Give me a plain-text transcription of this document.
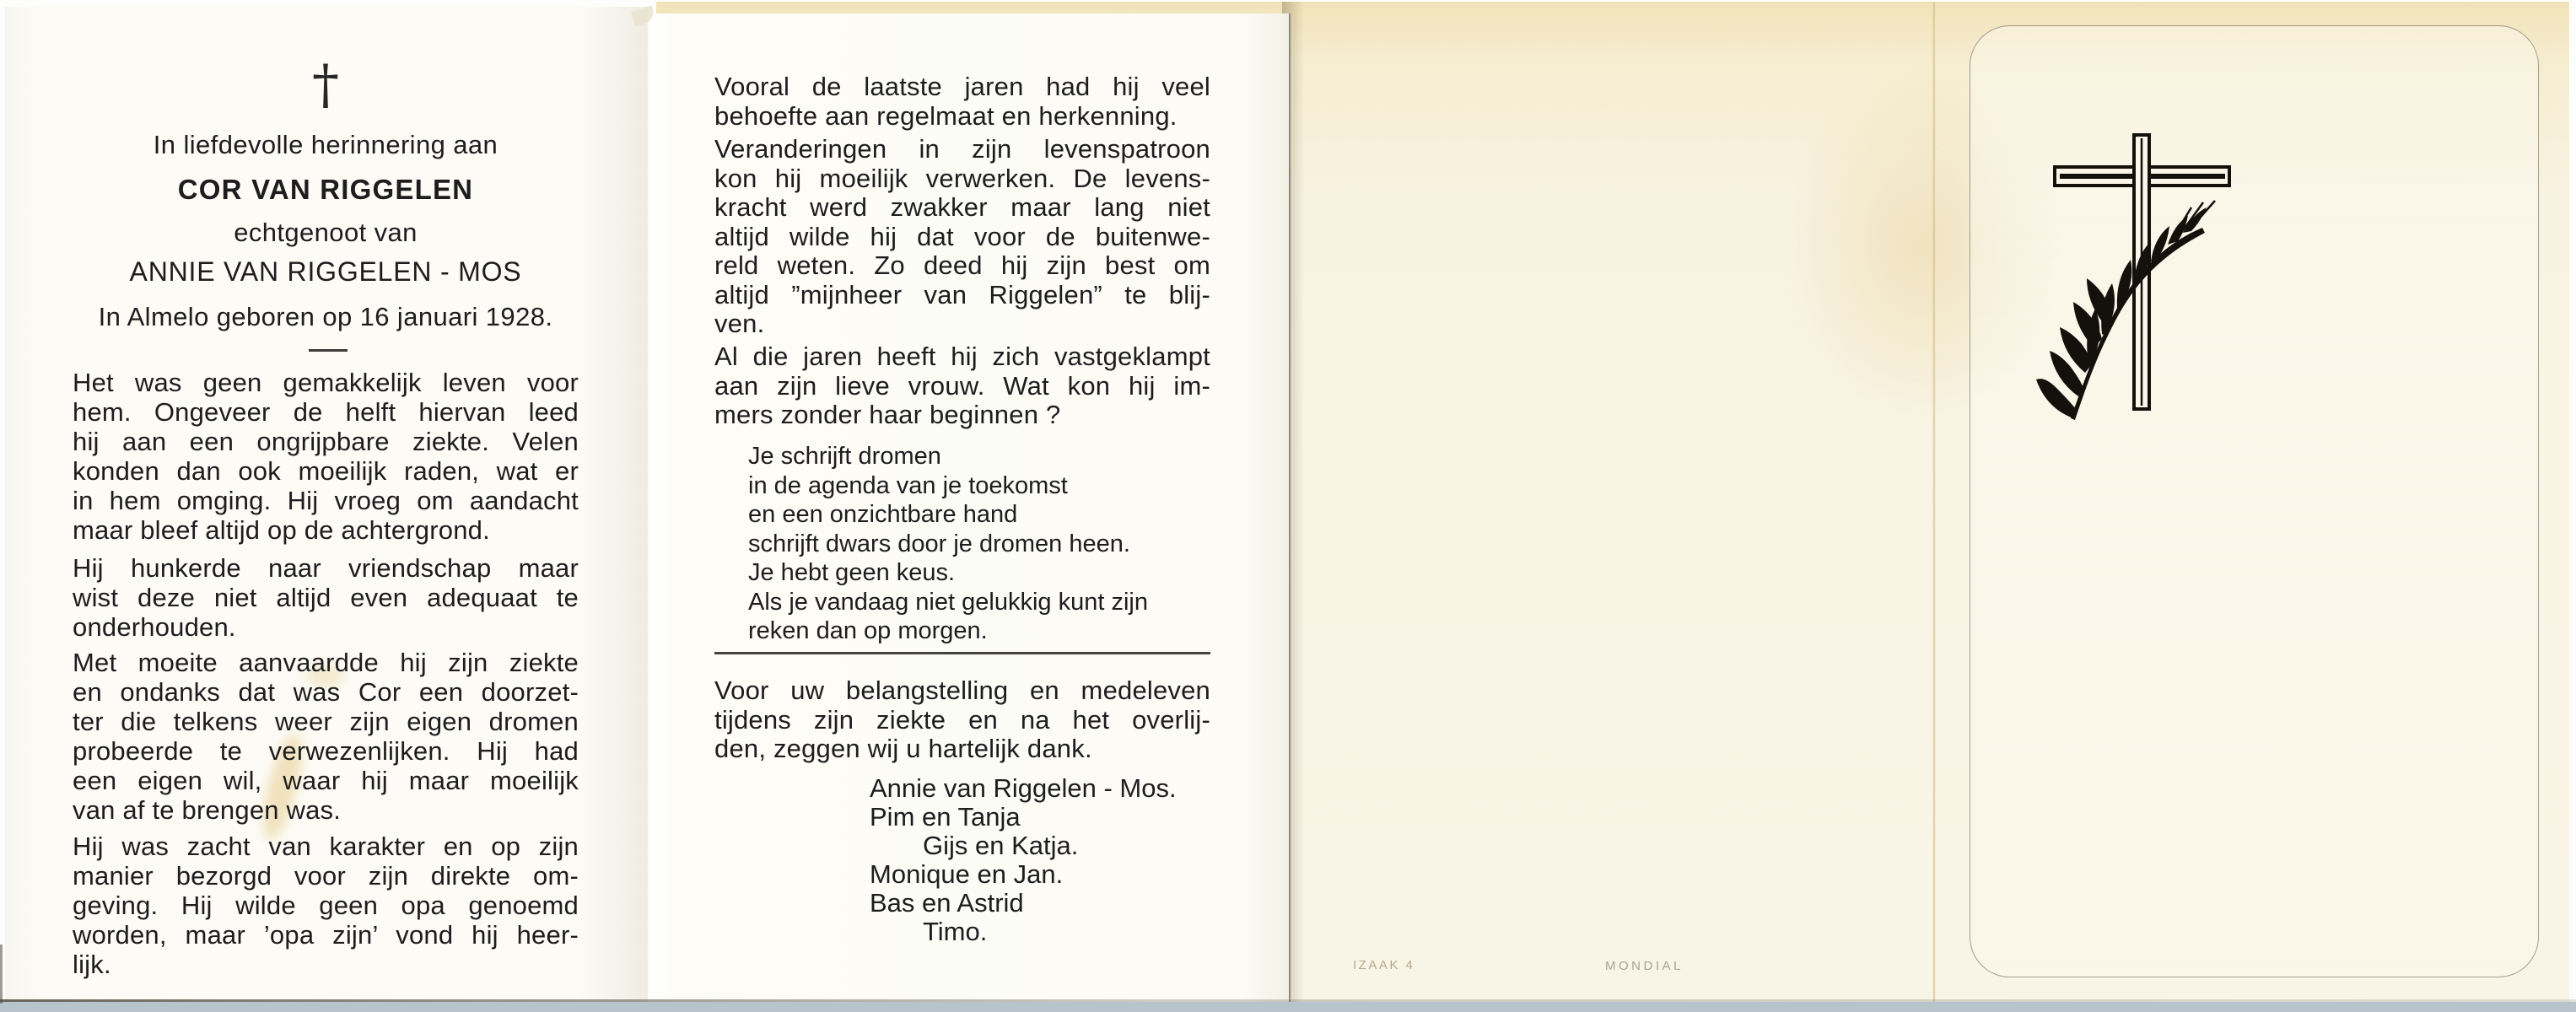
IZAAK 4	MONDIAL
†
In liefdevolle herinnering aan
COR VAN RIGGELEN
echtgenoot van
ANNIE VAN RIGGELEN - MOS
In Almelo geboren op 16 januari 1928.
Het was geen gemakkelijk leven voor
hem. Ongeveer de helft hiervan leed
hij aan een ongrijpbare ziekte. Velen
konden dan ook moeilijk raden, wat er
in hem omging. Hij vroeg om aandacht
maar bleef altijd op de achtergrond.
Hij hunkerde naar vriendschap maar
wist deze niet altijd even adequaat te
onderhouden.
Met moeite aanvaardde hij zijn ziekte
en ondanks dat was Cor een doorzet-
ter die telkens weer zijn eigen dromen
probeerde te verwezenlijken. Hij had
een eigen wil, waar hij maar moeilijk
van af te brengen was.
Hij was zacht van karakter en op zijn
manier bezorgd voor zijn direkte om-
geving. Hij wilde geen opa genoemd
worden, maar ’opa zijn’ vond hij heer-
lijk.
Vooral de laatste jaren had hij veel
behoefte aan regelmaat en herkenning.
Veranderingen in zijn levenspatroon
kon hij moeilijk verwerken. De levens-
kracht werd zwakker maar lang niet
altijd wilde hij dat voor de buitenwe-
reld weten. Zo deed hij zijn best om
altijd ”mijnheer van Riggelen” te blij-
ven.
Al die jaren heeft hij zich vastgeklampt
aan zijn lieve vrouw. Wat kon hij im-
mers zonder haar beginnen ?
Je schrijft dromen
in de agenda van je toekomst
en een onzichtbare hand
schrijft dwars door je dromen heen.
Je hebt geen keus.
Als je vandaag niet gelukkig kunt zijn
reken dan op morgen.
Voor uw belangstelling en medeleven
tijdens zijn ziekte en na het overlij-
den, zeggen wij u hartelijk dank.
Annie van Riggelen - Mos.
Pim en Tanja
Gijs en Katja.
Monique en Jan.
Bas en Astrid
Timo.
